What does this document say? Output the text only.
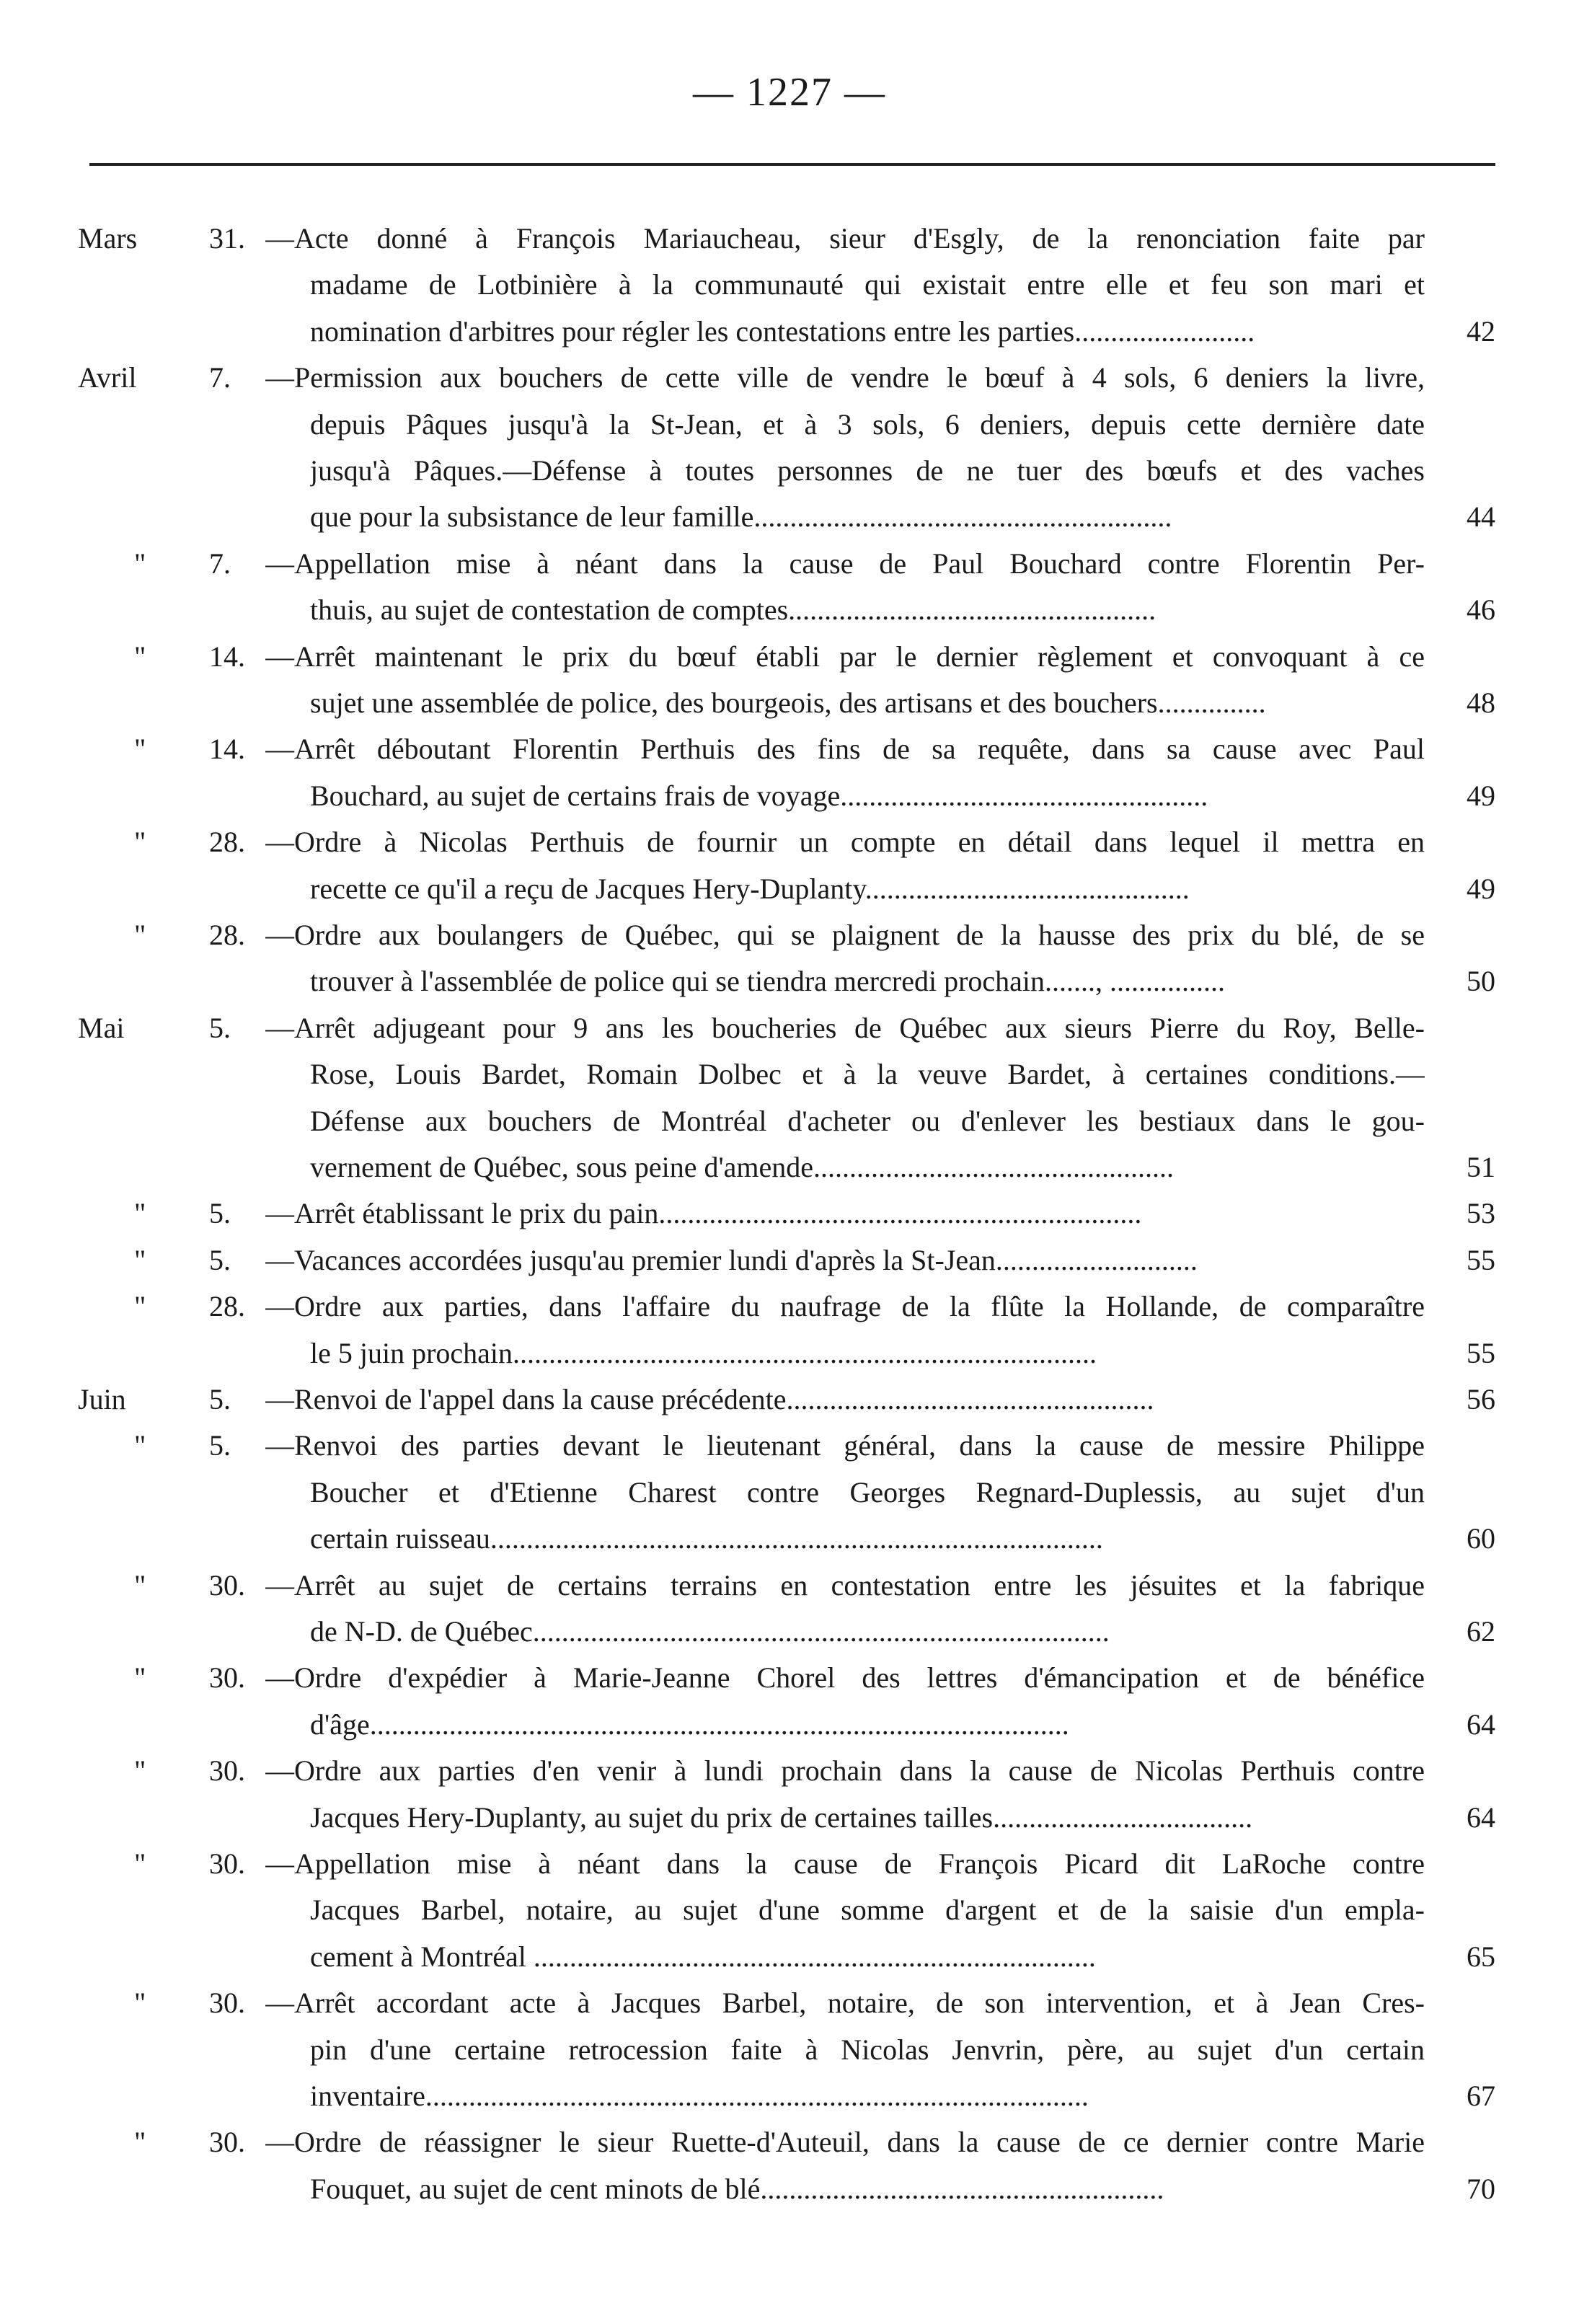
— 1227 —
Mars 31. —Acte donné à François Mariaucheau, sieur d'Esgly, de la renonciation faite par
madame de Lotbinière à la communauté qui existait entre elle et feu son mari et
nomination d'arbitres pour régler les contestations entre les parties.........................	42
Avril	7. —Permission aux bouchers de cette ville de vendre le bœuf à 4 sols, 6 deniers la livre,
depuis Pâques jusqu'à la St-Jean, et à 3 sols, 6 deniers, depuis cette dernière date
jusqu'à Pâques.—Défense à toutes personnes de ne tuer des bœufs et des vaches
que pour la subsistance de leur famille..........................................................	44
" 7. —Appellation mise à néant dans la cause de Paul Bouchard contre Florentin Per-
thuis, au sujet de contestation de comptes...................................................	46
" 14. —Arrêt maintenant le prix du bœuf établi par le dernier règlement et convoquant à ce
sujet une assemblée de police, des bourgeois, des artisans et des bouchers...............	48
" 14. —Arrêt déboutant Florentin Perthuis des fins de sa requête, dans sa cause avec Paul
Bouchard, au sujet de certains frais de voyage...................................................	49
" 28. —Ordre à Nicolas Perthuis de fournir un compte en détail dans lequel il mettra en
recette ce qu'il a reçu de Jacques Hery-Duplanty.............................................	49
" 28. —Ordre aux boulangers de Québec, qui se plaignent de la hausse des prix du blé, de se
trouver à l'assemblée de police qui se tiendra mercredi prochain......., ................	50
Mai	5. —Arrêt adjugeant pour 9 ans les boucheries de Québec aux sieurs Pierre du Roy, Belle-
Rose, Louis Bardet, Romain Dolbec et à la veuve Bardet, à certaines conditions.—
Défense aux bouchers de Montréal d'acheter ou d'enlever les bestiaux dans le gou-
vernement de Québec, sous peine d'amende..................................................	51
" 5. —Arrêt établissant le prix du pain...................................................................	53
" 5. —Vacances accordées jusqu'au premier lundi d'après la St-Jean............................	55
" 28. —Ordre aux parties, dans l'affaire du naufrage de la flûte la Hollande, de comparaître
le 5 juin prochain.................................................................................	55
Juin	5. —Renvoi de l'appel dans la cause précédente...................................................	56
" 5. —Renvoi des parties devant le lieutenant général, dans la cause de messire Philippe
Boucher et d'Etienne Charest contre Georges Regnard-Duplessis, au sujet d'un
certain ruisseau.....................................................................................	60
" 30. —Arrêt au sujet de certains terrains en contestation entre les jésuites et la fabrique
de N-D. de Québec................................................................................	62
" 30. —Ordre d'expédier à Marie-Jeanne Chorel des lettres d'émancipation et de bénéfice
d'âge.................................................................................................	64
" 30. —Ordre aux parties d'en venir à lundi prochain dans la cause de Nicolas Perthuis contre
Jacques Hery-Duplanty, au sujet du prix de certaines tailles....................................	64
" 30. —Appellation mise à néant dans la cause de François Picard dit LaRoche contre
Jacques Barbel, notaire, au sujet d'une somme d'argent et de la saisie d'un empla-
cement à Montréal ..............................................................................	65
" 30. —Arrêt accordant acte à Jacques Barbel, notaire, de son intervention, et à Jean Cres-
pin d'une certaine retrocession faite à Nicolas Jenvrin, père, au sujet d'un certain
inventaire............................................................................................	67
" 30. —Ordre de réassigner le sieur Ruette-d'Auteuil, dans la cause de ce dernier contre Marie
Fouquet, au sujet de cent minots de blé........................................................	70
